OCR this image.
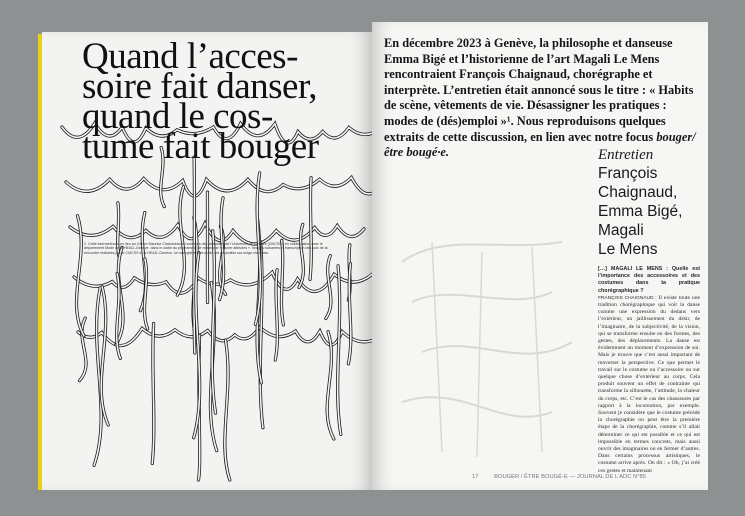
Quand l’acces-
soire fait danser,
quand le cos-
tume fait bouger
1. Cette intervention a eu lieu au Centre Maurice Chalumeau en sciences des sexualités de l’Université de Genève (CMCSS), en collaboration avec le département Mode de la HEAD–Genève, dans le cadre du programme de recherche « Queer attitudes ». Images suivantes et transcription des voix de la rencontre réalisées par le CMCSS et la HEAD–Genève. Un enregistrement audio est disponible sur unige.ch/cmcss.
En décembre 2023 à Genève, la philosophe et danseuse Emma Bigé et l’historienne de l’art Magali Le Mens rencontraient François Chaignaud, chorégraphe et interprète. L’entretien était annoncé sous le titre : « Habits de scène, vêtements de vie. Désassigner les pratiques : modes de (dés)emploi »¹. Nous reproduisons quelques extraits de cette discussion, en lien avec notre focus bouger/être bougé·e.	Entretien
François
Chaignaud,
Emma Bigé,
Magali
Le Mens
[…] MAGALI LE MENS : Quelle est l’importance des accessoires et des costumes dans ta pratique chorégraphique ?
FRANÇOIS CHAIGNAUD : Il existe toute une tradition chorégraphique qui voit la danse comme une expression du dedans vers l’extérieur, un jaillissement du désir, de l’imaginaire, de la subjectivité, de la vision, qui se transforme ensuite en des formes, des gestes, des déplacements. La danse est évidemment un moment d’expression de soi. Mais je trouve que c’est aussi important de renverser la perspective. Ce que permet le travail sur le costume ou l’accessoire ou sur quelque chose d’extérieur au corps. Cela produit souvent un effet de contrainte qui transforme la silhouette, l’attitude, la chaleur du corps, etc. C’est le cas des chaussures par rapport à la locomotion, par exemple. Souvent je considère que le costume précède la chorégraphie ou peut être la première étape de la chorégraphie, comme s’il allait déterminer ce qui est possible et ce qui est impossible en termes concrets, mais aussi ouvrir des imaginaires ou en fermer d’autres. Dans certains processus artistiques, le costume arrive après. On dit : « Oh, j’ai créé ces gestes et maintenant
17	BOUGER / ÊTRE BOUGÉ·E — JOURNAL DE L’ADC N°85
